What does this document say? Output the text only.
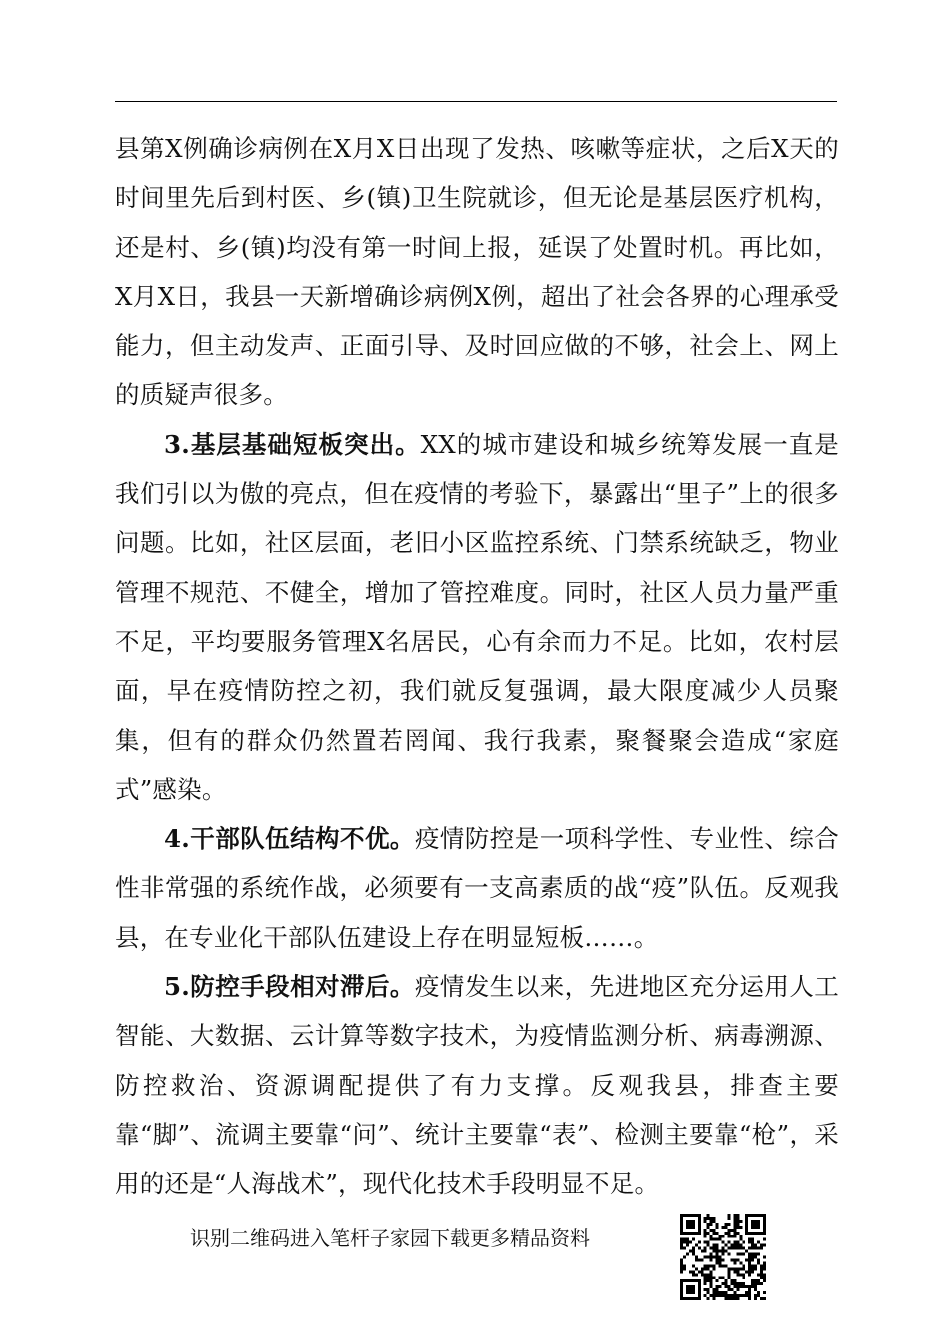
县第X例确诊病例在X月X日出现了发热、咳嗽等症状，之后X天的时间里先后到村医、乡(镇)卫生院就诊，但无论是基层医疗机构，还是村、乡(镇)均没有第一时间上报，延误了处置时机。再比如，X月X日，我县一天新增确诊病例X例，超出了社会各界的心理承受能力，但主动发声、正面引导、及时回应做的不够，社会上、网上的质疑声很多。

3.基层基础短板突出。XX的城市建设和城乡统筹发展一直是我们引以为傲的亮点，但在疫情的考验下，暴露出“里子”上的很多问题。比如，社区层面，老旧小区监控系统、门禁系统缺乏，物业管理不规范、不健全，增加了管控难度。同时，社区人员力量严重不足，平均要服务管理X名居民，心有余而力不足。比如，农村层面，早在疫情防控之初，我们就反复强调，最大限度减少人员聚集，但有的群众仍然置若罔闻、我行我素，聚餐聚会造成“家庭式”感染。

4.干部队伍结构不优。疫情防控是一项科学性、专业性、综合性非常强的系统作战，必须要有一支高素质的战“疫”队伍。反观我县，在专业化干部队伍建设上存在明显短板……。

5.防控手段相对滞后。疫情发生以来，先进地区充分运用人工智能、大数据、云计算等数字技术，为疫情监测分析、病毒溯源、防控救治、资源调配提供了有力支撑。反观我县，排查主要靠“脚”、流调主要靠“问”、统计主要靠“表”、检测主要靠“枪”，采用的还是“人海战术”，现代化技术手段明显不足。

识别二维码进入笔杆子家园下载更多精品资料
